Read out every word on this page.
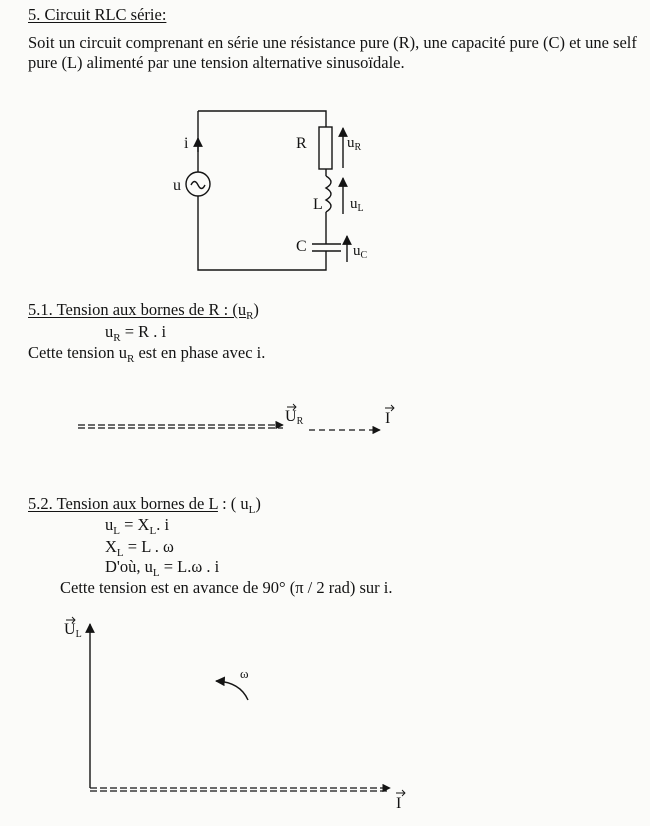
5. Circuit RLC série:
Soit un circuit comprenant en série une résistance pure (R), une capacité pure (C) et une self pure (L) alimenté par une tension alternative sinusoïdale.
i
u
R
L
C
$u_R$
$u_L$
$u_C$
UR	I
UL
I
ω
5.1. Tension aux bornes de R : $(u_R)$
$u_R = R$ . i
Cette tension $u_R$ est en phase avec i.
5.2. Tension aux bornes de L : ( $u_L$)
$u_L = X_L$. i
$X_L = L$ . ω
D'où, $u_L = L.\omega$ . i
Cette tension est en avance de 90° (π / 2 rad) sur i.
